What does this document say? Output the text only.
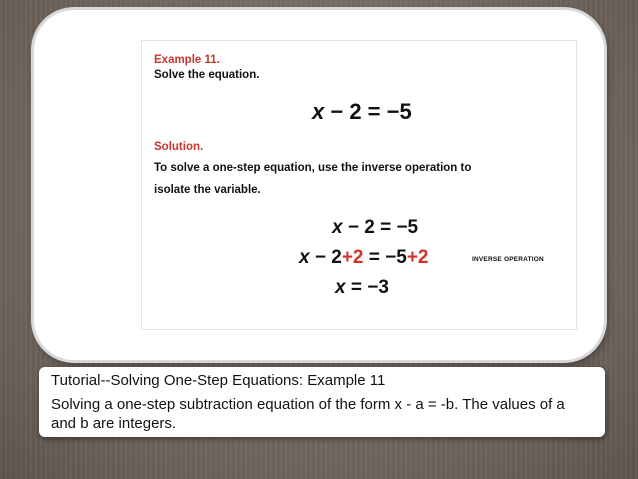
Example 11.
Solve the equation.
x − 2 = −5
Solution.
To solve a one-step equation, use the inverse operation to
isolate the variable.
x − 2 = −5
x − 2+2 = −5+2	INVERSE OPERATION
x = −3
Tutorial--Solving One-Step Equations: Example 11
Solving a one-step subtraction equation of the form x - a = -b. The values of a and b are integers.
